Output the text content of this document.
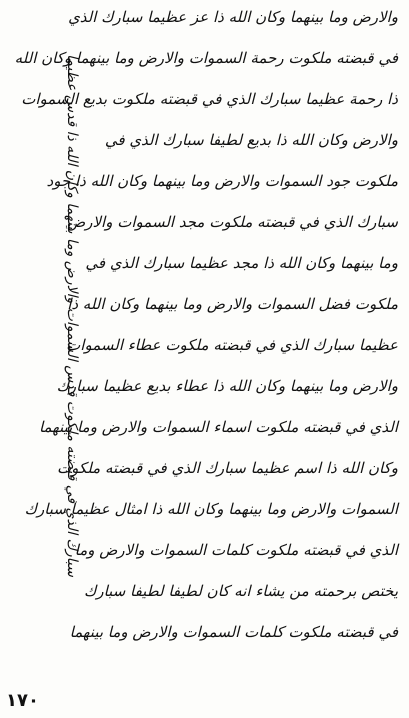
والارض وما بينهما وكان الله ذا عز عظيما سبارك الذي
في قبضته ملكوت رحمة السموات والارض وما بينهما وكان الله
ذا رحمة عظيما سبارك الذي في قبضته ملكوت بديع السموات
والارض وكان الله ذا بديع لطيفا سبارك الذي في
ملكوت جود السموات والارض وما بينهما وكان الله ذا جود
سبارك الذي في قبضته ملكوت مجد السموات والارض
وما بينهما وكان الله ذا مجد عظيما سبارك الذي في
ملكوت فضل السموات والارض وما بينهما وكان الله ذا
عظيما سبارك الذي في قبضته ملكوت عطاء السموات
والارض وما بينهما وكان الله ذا عطاء بديع عظيما سبارك
الذي في قبضته ملكوت اسماء السموات والارض وما بينهما
وكان الله ذا اسم عظيما سبارك الذي في قبضته ملكوت
السموات والارض وما بينهما وكان الله ذا امثال عظيما سبارك
الذي في قبضته ملكوت كلمات السموات والارض وما
يختص برحمته من يشاء انه كان لطيفا لطيفا سبارك
في قبضته ملكوت كلمات السموات والارض وما بينهما
سبارك الذي في قبضته ملكوت قدس السموات والارض وما بينهما وكان الله ذا قدس عظيما
١٧٠
